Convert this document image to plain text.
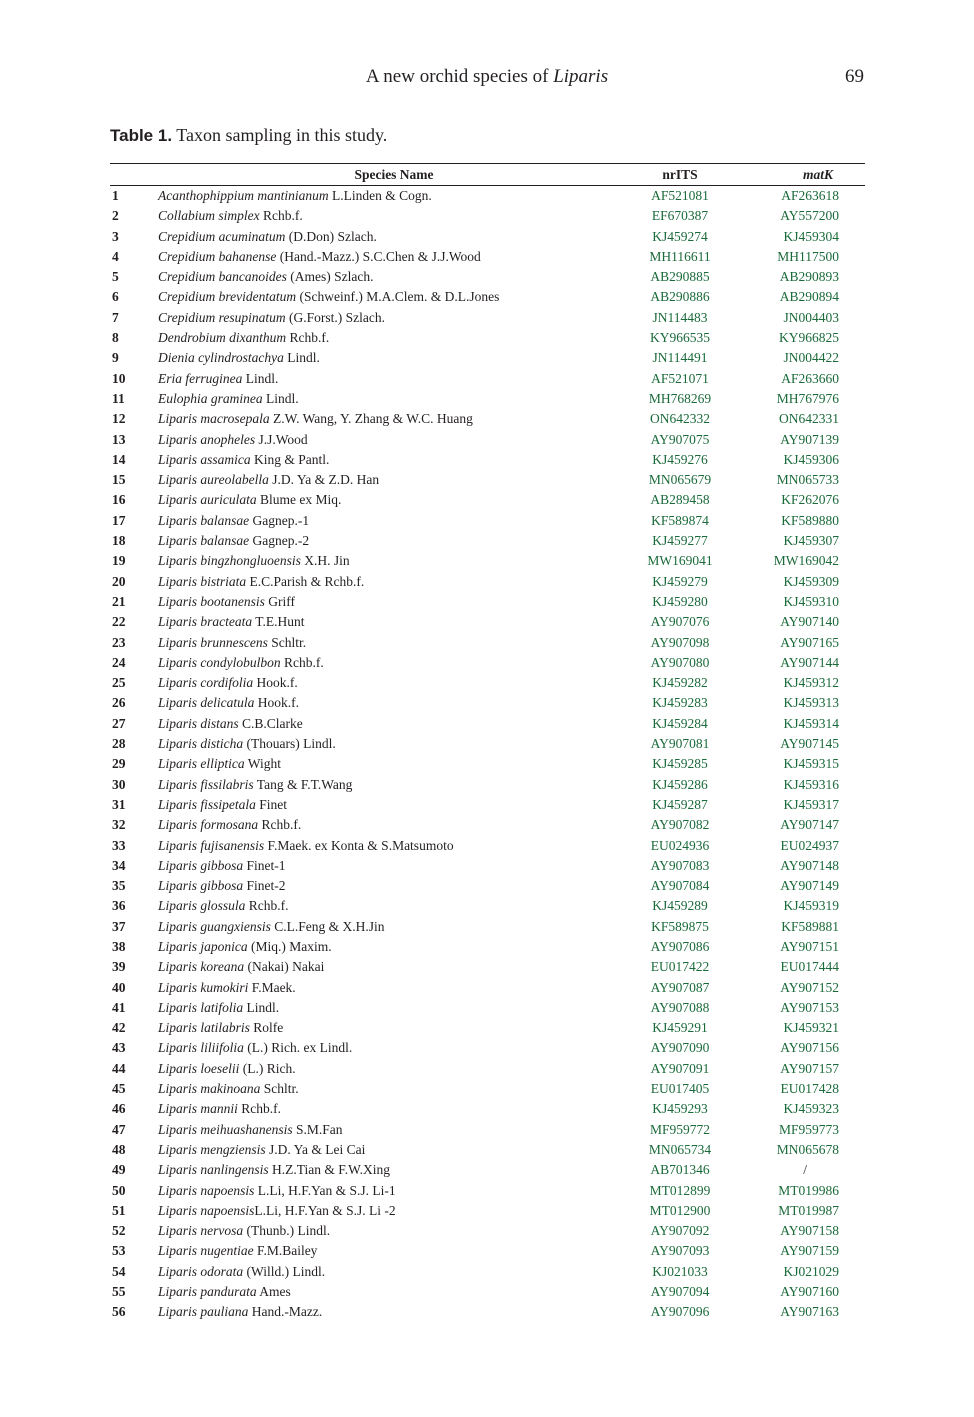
A new orchid species of Liparis	69
Table 1. Taxon sampling in this study.
	Species Name	nrITS	matK
1	Acanthophippium mantinianum L.Linden & Cogn.	AF521081	AF263618
2	Collabium simplex Rchb.f.	EF670387	AY557200
3	Crepidium acuminatum (D.Don) Szlach.	KJ459274	KJ459304
4	Crepidium bahanense (Hand.-Mazz.) S.C.Chen & J.J.Wood	MH116611	MH117500
5	Crepidium bancanoides (Ames) Szlach.	AB290885	AB290893
6	Crepidium brevidentatum (Schweinf.) M.A.Clem. & D.L.Jones	AB290886	AB290894
7	Crepidium resupinatum (G.Forst.) Szlach.	JN114483	JN004403
8	Dendrobium dixanthum Rchb.f.	KY966535	KY966825
9	Dienia cylindrostachya Lindl.	JN114491	JN004422
10	Eria ferruginea Lindl.	AF521071	AF263660
11	Eulophia graminea Lindl.	MH768269	MH767976
12	Liparis macrosepala Z.W. Wang, Y. Zhang & W.C. Huang	ON642332	ON642331
13	Liparis anopheles J.J.Wood	AY907075	AY907139
14	Liparis assamica King & Pantl.	KJ459276	KJ459306
15	Liparis aureolabella J.D. Ya & Z.D. Han	MN065679	MN065733
16	Liparis auriculata Blume ex Miq.	AB289458	KF262076
17	Liparis balansae Gagnep.-1	KF589874	KF589880
18	Liparis balansae Gagnep.-2	KJ459277	KJ459307
19	Liparis bingzhongluoensis X.H. Jin	MW169041	MW169042
20	Liparis bistriata E.C.Parish & Rchb.f.	KJ459279	KJ459309
21	Liparis bootanensis Griff	KJ459280	KJ459310
22	Liparis bracteata T.E.Hunt	AY907076	AY907140
23	Liparis brunnescens Schltr.	AY907098	AY907165
24	Liparis condylobulbon Rchb.f.	AY907080	AY907144
25	Liparis cordifolia Hook.f.	KJ459282	KJ459312
26	Liparis delicatula Hook.f.	KJ459283	KJ459313
27	Liparis distans C.B.Clarke	KJ459284	KJ459314
28	Liparis disticha (Thouars) Lindl.	AY907081	AY907145
29	Liparis elliptica Wight	KJ459285	KJ459315
30	Liparis fissilabris Tang & F.T.Wang	KJ459286	KJ459316
31	Liparis fissipetala Finet	KJ459287	KJ459317
32	Liparis formosana Rchb.f.	AY907082	AY907147
33	Liparis fujisanensis F.Maek. ex Konta & S.Matsumoto	EU024936	EU024937
34	Liparis gibbosa Finet-1	AY907083	AY907148
35	Liparis gibbosa Finet-2	AY907084	AY907149
36	Liparis glossula Rchb.f.	KJ459289	KJ459319
37	Liparis guangxiensis C.L.Feng & X.H.Jin	KF589875	KF589881
38	Liparis japonica (Miq.) Maxim.	AY907086	AY907151
39	Liparis koreana (Nakai) Nakai	EU017422	EU017444
40	Liparis kumokiri F.Maek.	AY907087	AY907152
41	Liparis latifolia Lindl.	AY907088	AY907153
42	Liparis latilabris Rolfe	KJ459291	KJ459321
43	Liparis liliifolia (L.) Rich. ex Lindl.	AY907090	AY907156
44	Liparis loeselii (L.) Rich.	AY907091	AY907157
45	Liparis makinoana Schltr.	EU017405	EU017428
46	Liparis mannii Rchb.f.	KJ459293	KJ459323
47	Liparis meihuashanensis S.M.Fan	MF959772	MF959773
48	Liparis mengziensis J.D. Ya & Lei Cai	MN065734	MN065678
49	Liparis nanlingensis H.Z.Tian & F.W.Xing	AB701346	/
50	Liparis napoensis L.Li, H.F.Yan & S.J. Li-1	MT012899	MT019986
51	Liparis napoensisL.Li, H.F.Yan & S.J. Li -2	MT012900	MT019987
52	Liparis nervosa (Thunb.) Lindl.	AY907092	AY907158
53	Liparis nugentiae F.M.Bailey	AY907093	AY907159
54	Liparis odorata (Willd.) Lindl.	KJ021033	KJ021029
55	Liparis pandurata Ames	AY907094	AY907160
56	Liparis pauliana Hand.-Mazz.	AY907096	AY907163
